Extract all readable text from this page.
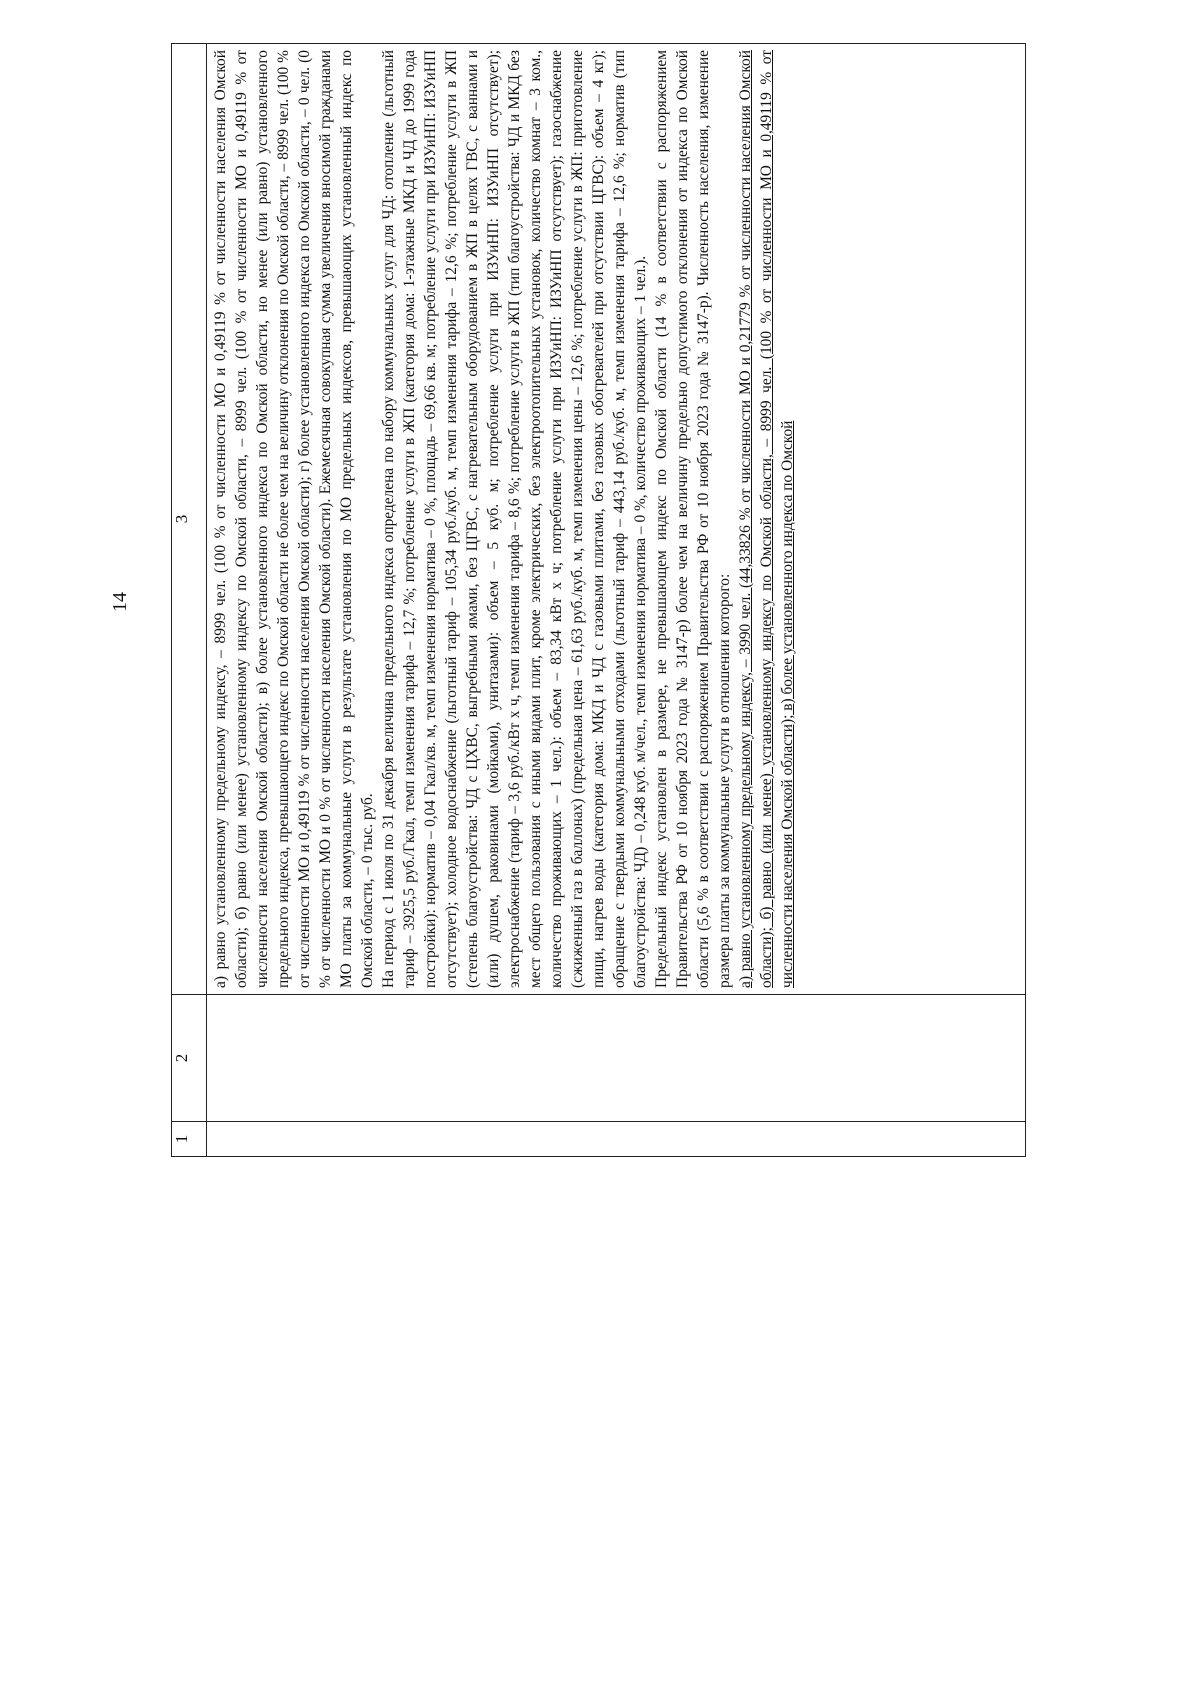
14
1	2	3

		а) равно установленному предельному индексу, – 8999 чел. (100 % от численности МО и 0,49119 % от численности населения Омской области); б) равно (или менее) установленному индексу по Омской области, – 8999 чел. (100 % от численности МО и 0,49119 % от численности населения Омской области); в) более установленного индекса по Омской области, но менее (или равно) установленного предельного индекса, превышающего индекс по Омской области не более чем на величину отклонения по Омской области, – 8999 чел. (100 % от численности МО и 0,49119 % от численности населения Омской области); г) более установленного индекса по Омской области, – 0 чел. (0 % от численности МО и 0 % от численности населения Омской области). Ежемесячная совокупная сумма увеличения вносимой гражданами МО платы за коммунальные услуги в результате установления по МО предельных индексов, превышающих установленный индекс по Омской области, – 0 тыс. руб. На период с 1 июля по 31 декабря величина предельного индекса определена по набору коммунальных услуг для ЧД: отопление (льготный тариф – 3925,5 руб./Гкал, темп изменения тарифа – 12,7 %; потребление услуги в ЖП (категория дома: 1-этажные МКД и ЧД до 1999 года постройки): норматив – 0,04 Гкал/кв. м, темп изменения норматива – 0 %, площадь – 69,66 кв. м; потребление услуги при ИЗУиНП: ИЗУиНП отсутствует); холодное водоснабжение (льготный тариф – 105,34 руб./куб. м, темп изменения тарифа – 12,6 %; потребление услуги в ЖП (степень благоустройства: ЧД с ЦХВС, выгребными ямами, без ЦГВС, с нагревательным оборудованием в ЖП в целях ГВС, с ваннами и (или) душем, раковинами (мойками), унитазами): объем – 5 куб. м; потребление услуги при ИЗУиНП: ИЗУиНП отсутствует); электроснабжение (тариф – 3,6 руб./кВт х ч, темп изменения тарифа – 8,6 %; потребление услуги в ЖП (тип благоустройства: ЧД и МКД без мест общего пользования с иными видами плит, кроме электрических, без электроотопительных установок, количество комнат – 3 ком., количество проживающих – 1 чел.): объем – 83,34 кВт х ч; потребление услуги при ИЗУиНП: ИЗУиНП отсутствует); газоснабжение (сжиженный газ в баллонах) (предельная цена – 61,63 руб./куб. м, темп изменения цены – 12,6 %; потребление услуги в ЖП: приготовление пищи, нагрев воды (категория дома: МКД и ЧД с газовыми плитами, без газовых обогревателей при отсутствии ЦГВС): объем – 4 кг); обращение с твердыми коммунальными отходами (льготный тариф – 443,14 руб./куб. м, темп изменения тарифа – 12,6 %; норматив (тип благоустройства: ЧД) – 0,248 куб. м/чел., темп изменения норматива – 0 %, количество проживающих – 1 чел.). Предельный индекс установлен в размере, не превышающем индекс по Омской области (14 % в соответствии с распоряжением Правительства РФ от 10 ноября 2023 года № 3147-р) более чем на величину предельно допустимого отклонения от индекса по Омской области (5,6 % в соответствии с распоряжением Правительства РФ от 10 ноября 2023 года № 3147-р). Численность населения, изменение размера платы за коммунальные услуги в отношении которого: а) равно установленному предельному индексу, – 3990 чел. (44,33826 % от численности МО и 0,21779 % от численности населения Омской области); б) равно (или менее) установленному индексу по Омской области, – 8999 чел. (100 % от численности МО и 0,49119 % от численности населения Омской области); в) более установленного индекса по Омской
